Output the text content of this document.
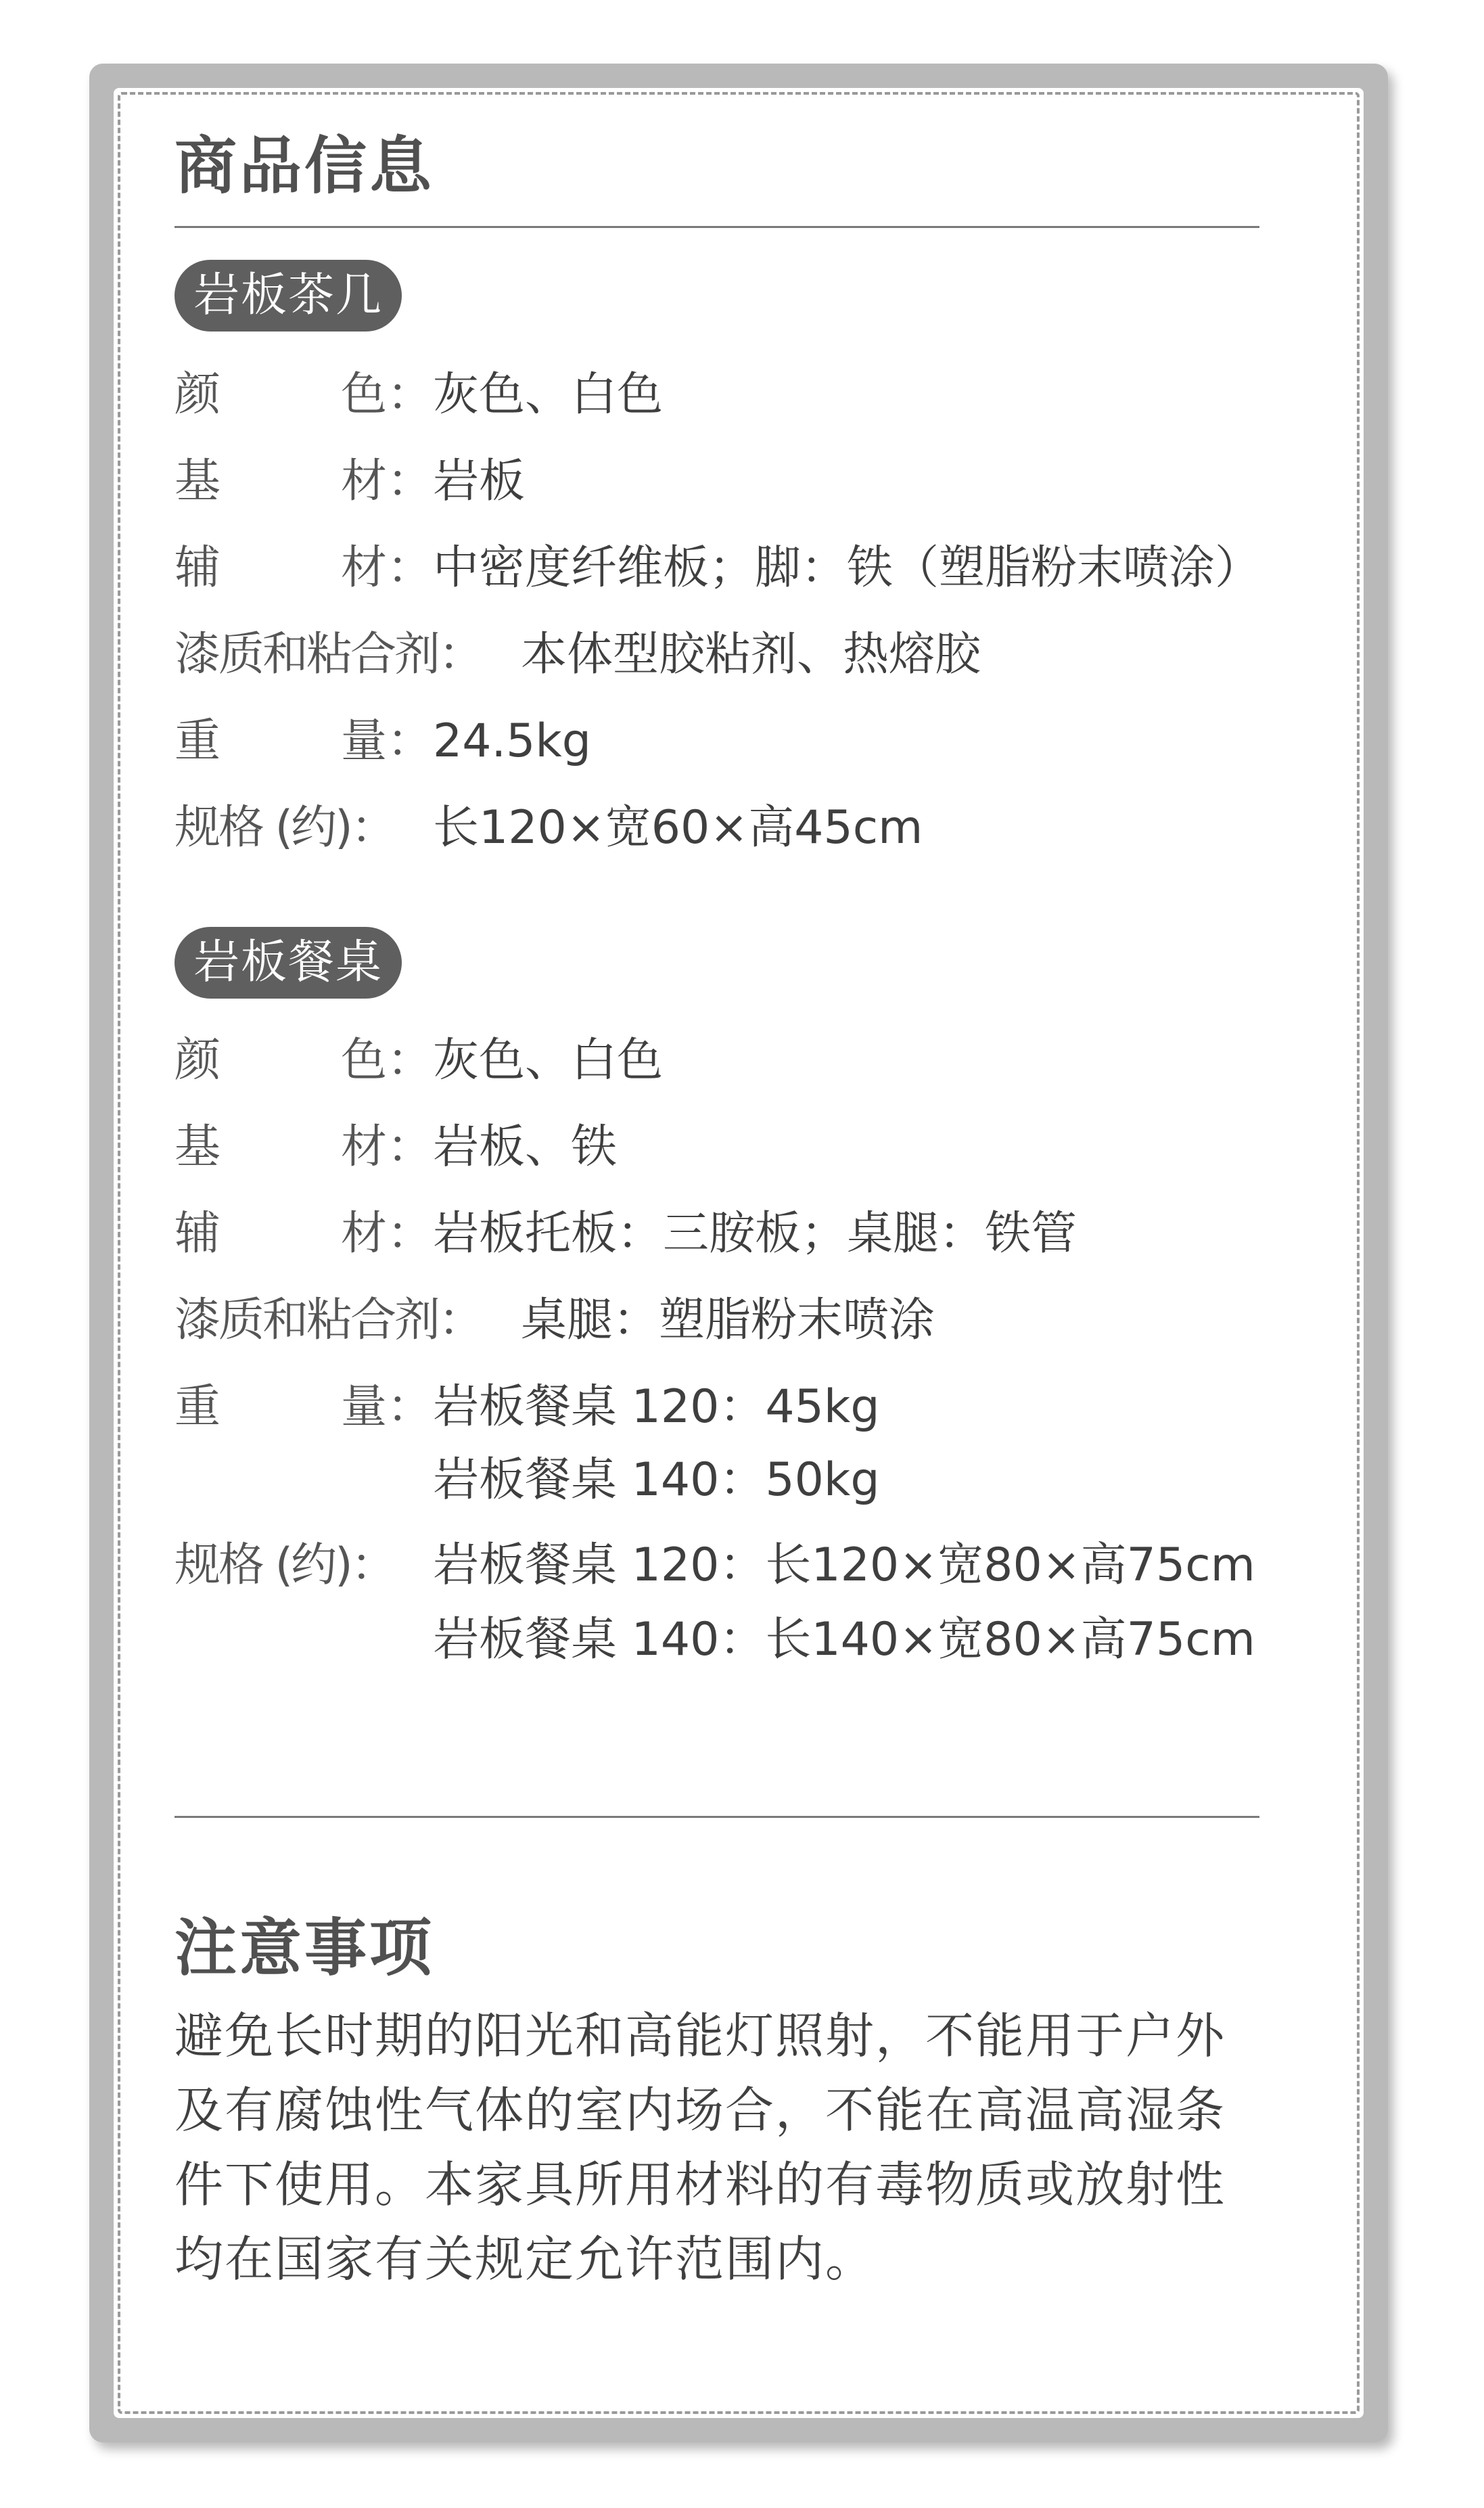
商品信息
岩板茶几
颜	色： 灰色、白色
基	材： 岩板
辅	材： 中密度纤维板；脚：铁（塑脂粉末喷涂）
漆质和粘合剂： 本体型胶粘剂、热熔胶
重	量： 24.5kg
规格 (约)： 长120×宽60×高45cm
岩板餐桌
颜	色： 灰色、白色
基	材： 岩板、铁
辅	材： 岩板托板：三胺板；桌腿：铁管
漆质和粘合剂： 桌腿：塑脂粉末喷涂
重	量： 岩板餐桌 120：45kg
岩板餐桌 140：50kg
规格 (约)： 岩板餐桌 120：长120×宽80×高75cm
岩板餐桌 140：长140×宽80×高75cm
注意事项
避免长时期的阳光和高能灯照射，不能用于户外及有腐蚀性气体的室内场合，不能在高温高湿条件下使用。本家具所用材料的有毒物质或放射性均在国家有关规定允许范围内。
